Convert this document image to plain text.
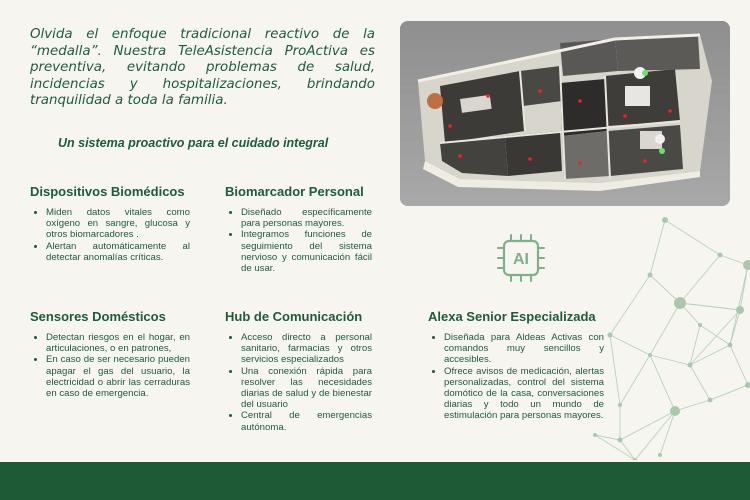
Olvida el enfoque tradicional reactivo de la “medalla”. Nuestra TeleAsistencia ProActiva es preventiva, evitando problemas de salud, incidencias y hospitalizaciones, brindando tranquilidad a toda la familia.

Un sistema proactivo para el cuidado integral

Dispositivos Biomédicos
• Miden datos vitales como oxígeno en sangre, glucosa y otros biomarcadores .
• Alertan automáticamente al detectar anomalías críticas.
Biomarcador Personal
• Diseñado específicamente para personas mayores.
• Integramos funciones de seguimiento del sistema nervioso y comunicación fácil de usar.
Sensores Domésticos
• Detectan riesgos en el hogar, en articulaciones, o en patrones,
• En caso de ser necesario pueden apagar el gas del usuario, la electricidad o abrir las cerraduras en caso de emergencia.
Hub de Comunicación
• Acceso directo a personal sanitario, farmacias y otros servicios especializados
• Una conexión rápida para resolver las necesidades diarias de salud y de bienestar del usuario
• Central de emergencias autónoma.
Alexa Senior Especializada
• Diseñada para Aldeas Activas con comandos muy sencillos y accesibles.
• Ofrece avisos de medicación, alertas personalizadas, control del sistema domótico de la casa, conversaciones diarias y todo un mundo de estimulación para personas mayores.
AI
